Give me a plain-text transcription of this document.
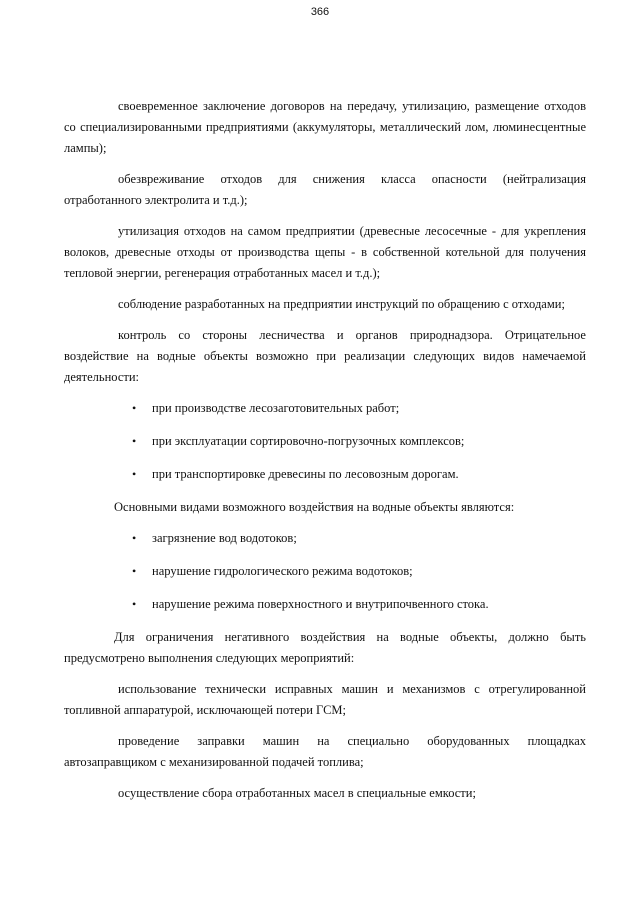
366

своевременное заключение договоров на передачу, утилизацию, размещение отходов со специализированными предприятиями (аккумуляторы, металлический лом, люминесцентные лампы);

обезвреживание отходов для снижения класса опасности (нейтрализация отработанного электролита и т.д.);

утилизация отходов на самом предприятии (древесные лесосечные - для укрепления волоков, древесные отходы от производства щепы - в собственной котельной для получения тепловой энергии, регенерация отработанных масел и т.д.);

соблюдение разработанных на предприятии инструкций по обращению с отходами;

контроль со стороны лесничества и органов природнадзора. Отрицательное воздействие на водные объекты возможно при реализации следующих видов намечаемой деятельности:

• при производстве лесозаготовительных работ;
• при эксплуатации сортировочно-погрузочных комплексов;
• при транспортировке древесины по лесовозным дорогам.

Основными видами возможного воздействия на водные объекты являются:

• загрязнение вод водотоков;
• нарушение гидрологического режима водотоков;
• нарушение режима поверхностного и внутрипочвенного стока.

Для ограничения негативного воздействия на водные объекты, должно быть предусмотрено выполнения следующих мероприятий:

использование технически исправных машин и механизмов с отрегулированной топливной аппаратурой, исключающей потери ГСМ;

проведение заправки машин на специально оборудованных площадках автозаправщиком с механизированной подачей топлива;

осуществление сбора отработанных масел в специальные емкости;
